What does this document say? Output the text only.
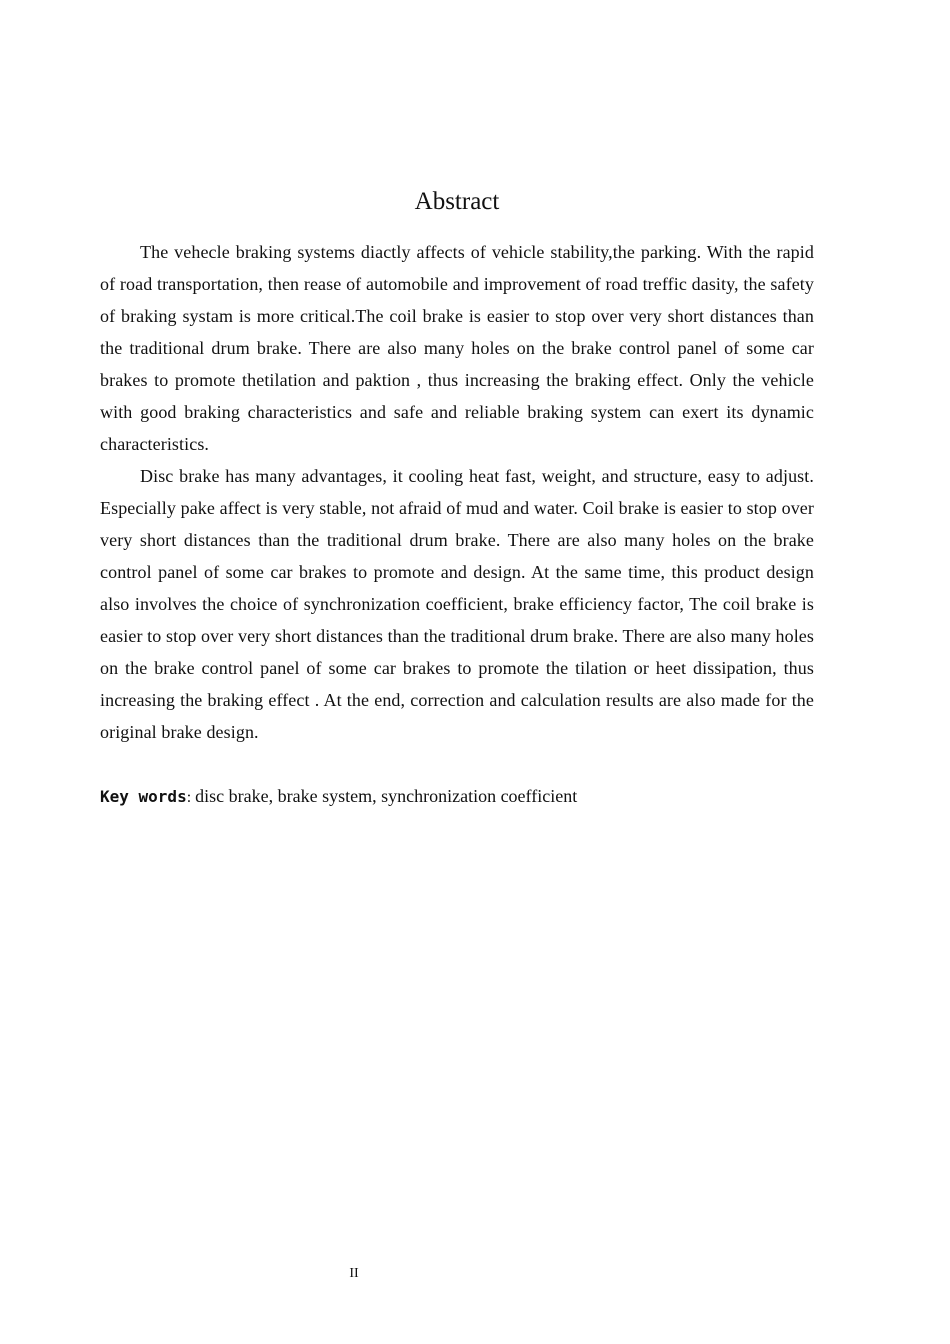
Abstract

The vehecle braking systems diactly affects of vehicle stability,the parking. With the rapid of road transportation, then rease of automobile and improvement of road treffic dasity, the safety of braking systam is more critical.The coil brake is easier to stop over very short distances than the traditional drum brake. There are also many holes on the brake control panel of some car brakes to promote thetilation and paktion , thus increasing the braking effect. Only the vehicle with good braking characteristics and safe and reliable braking system can exert its dynamic characteristics.

Disc brake has many advantages, it cooling heat fast, weight, and structure, easy to adjust. Especially pake affect is very stable, not afraid of mud and water. Coil brake is easier to stop over very short distances than the traditional drum brake. There are also many holes on the brake control panel of some car brakes to promote and design. At the same time, this product design also involves the choice of synchronization coefficient, brake efficiency factor, The coil brake is easier to stop over very short distances than the traditional drum brake. There are also many holes on the brake control panel of some car brakes to promote the tilation or heet dissipation, thus increasing the braking effect . At the end, correction and calculation results are also made for the original brake design.

Key words: disc brake, brake system, synchronization coefficient

II
